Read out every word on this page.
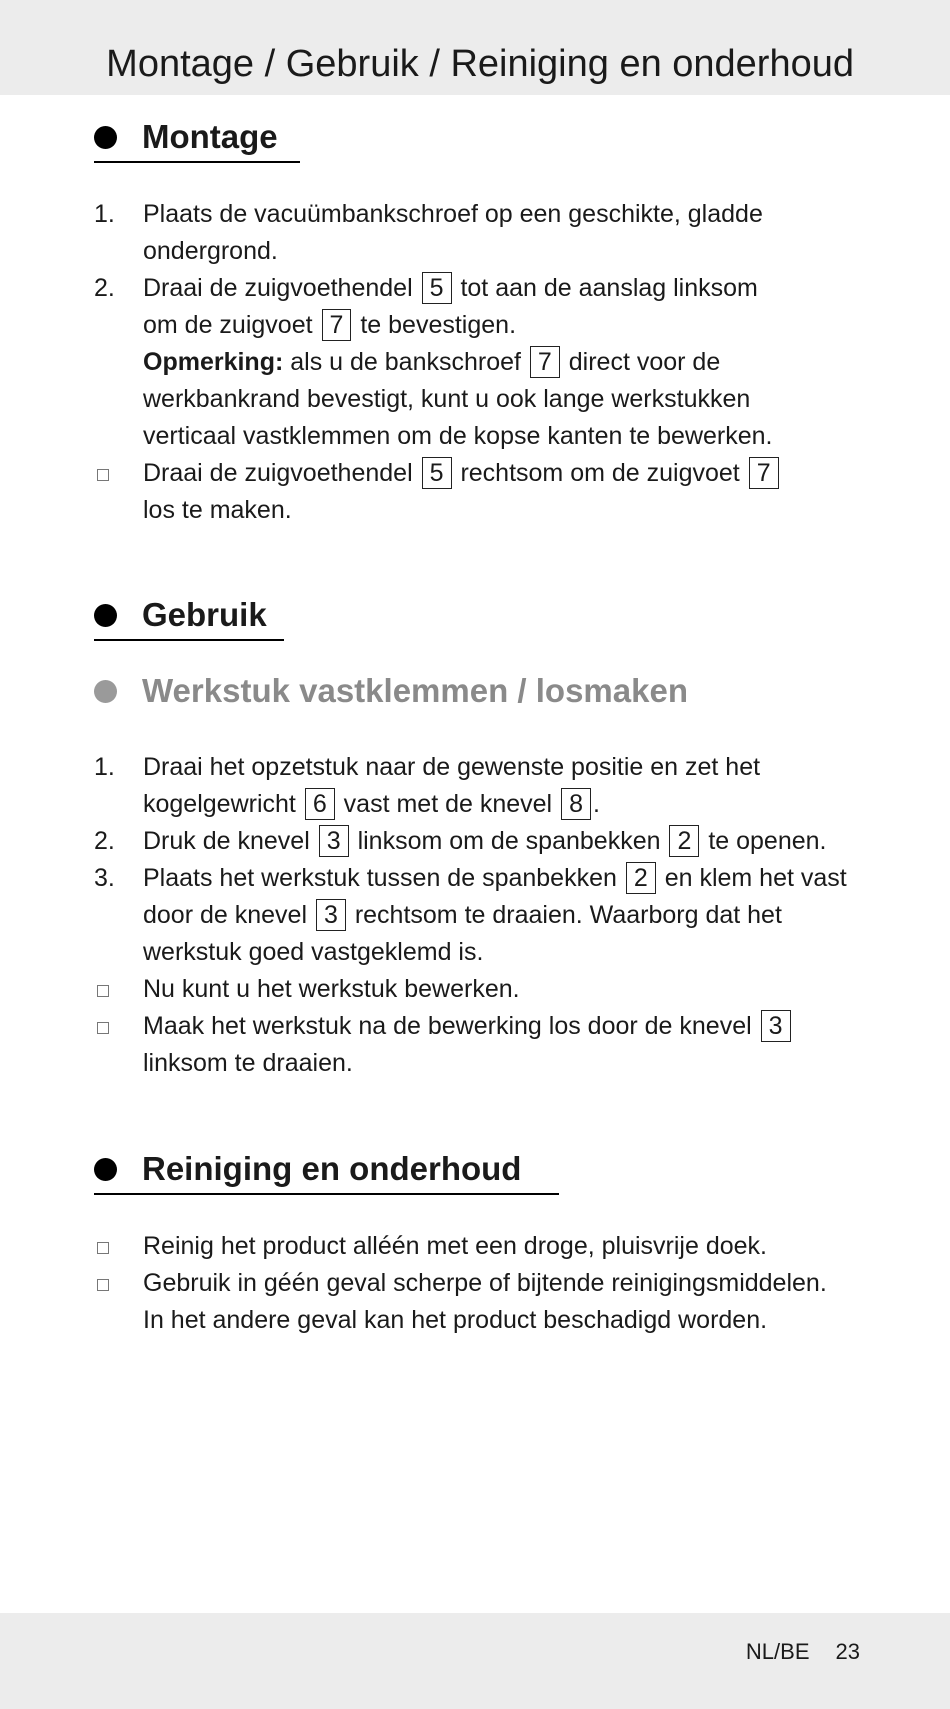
Montage / Gebruik / Reiniging en onderhoud
Montage
1.	Plaats de vacuümbankschroef op een geschikte, gladde
ondergrond.
2.	Draai de zuigvoethendel 5 tot aan de aanslag linksom
om de zuigvoet 7 te bevestigen.
Opmerking: als u de bankschroef 7 direct voor de
werkbankrand bevestigt, kunt u ook lange werkstukken
verticaal vastklemmen om de kopse kanten te bewerken.
Draai de zuigvoethendel 5 rechtsom om de zuigvoet 7
los te maken.
Gebruik
Werkstuk vastklemmen / losmaken
1.	Draai het opzetstuk naar de gewenste positie en zet het
kogelgewricht 6 vast met de knevel 8 .
2.	Druk de knevel 3 linksom om de spanbekken 2 te openen.
3.	Plaats het werkstuk tussen de spanbekken 2 en klem het vast
door de knevel 3 rechtsom te draaien. Waarborg dat het
werkstuk goed vastgeklemd is.
Nu kunt u het werkstuk bewerken.
Maak het werkstuk na de bewerking los door de knevel 3
linksom te draaien.
Reiniging en onderhoud
Reinig het product alléén met een droge, pluisvrije doek.
Gebruik in géén geval scherpe of bijtende reinigingsmiddelen.
In het andere geval kan het product beschadigd worden.
NL/BE 23
